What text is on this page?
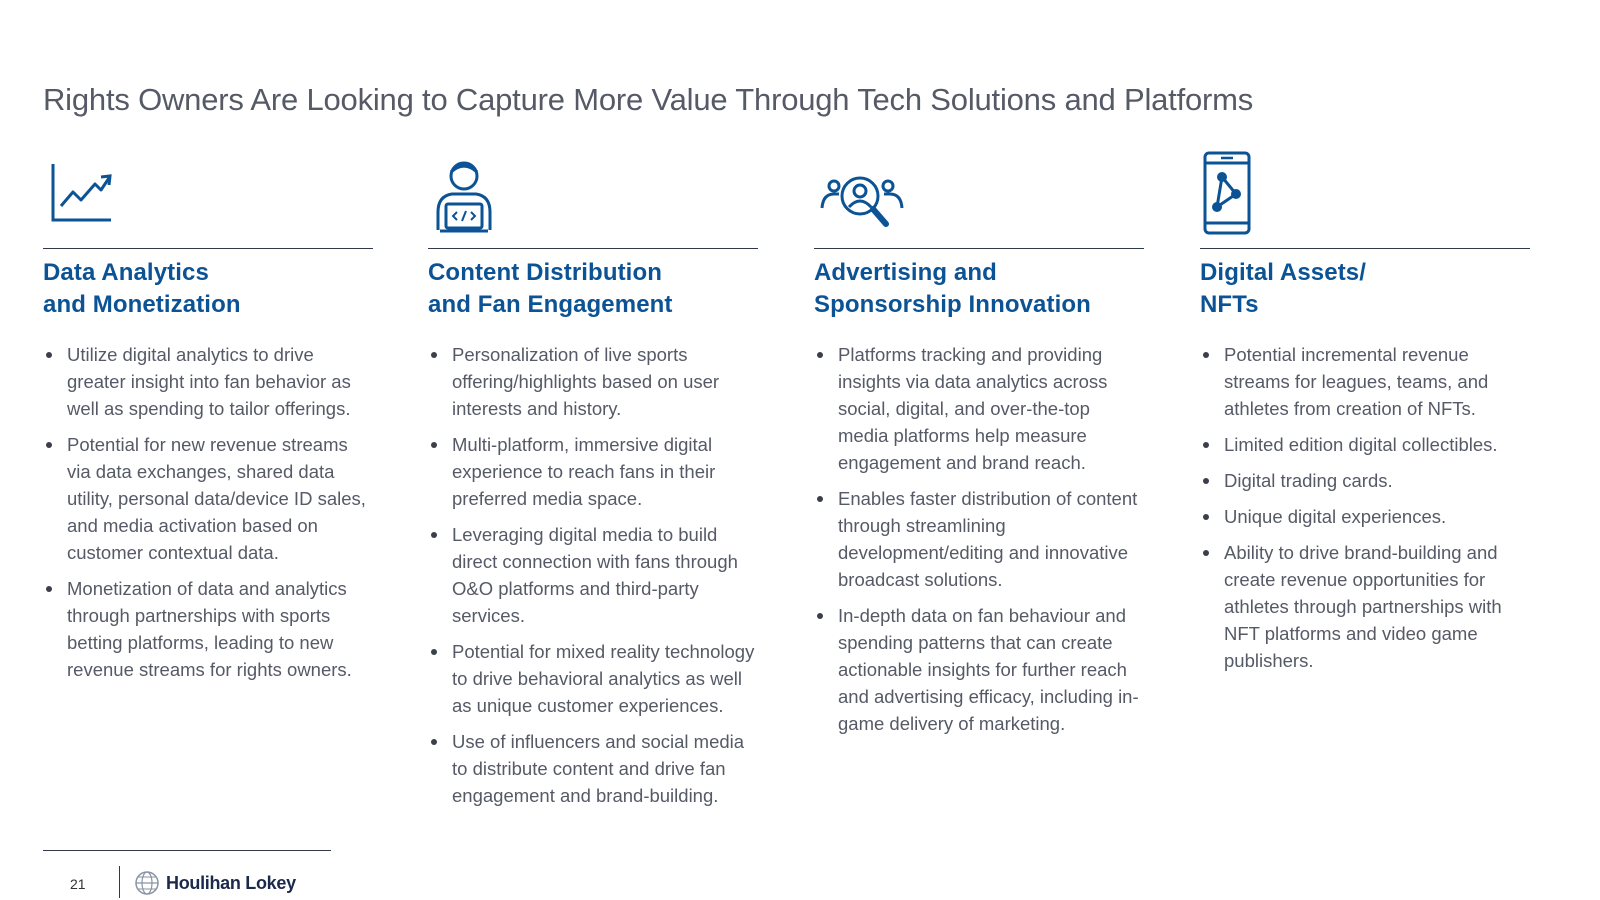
Rights Owners Are Looking to Capture More Value Through Tech Solutions and Platforms
Data Analytics
and Monetization
Utilize digital analytics to drive greater insight into fan behavior as well as spending to tailor offerings.
Potential for new revenue streams via data exchanges, shared data utility, personal data/device ID sales, and media activation based on customer contextual data.
Monetization of data and analytics through partnerships with sports betting platforms, leading to new revenue streams for rights owners.
Content Distribution
and Fan Engagement
Personalization of live sports offering/highlights based on user interests and history.
Multi-platform, immersive digital experience to reach fans in their preferred media space.
Leveraging digital media to build direct connection with fans through O&O platforms and third-party services.
Potential for mixed reality technology to drive behavioral analytics as well as unique customer experiences.
Use of influencers and social media to distribute content and drive fan engagement and brand-building.
Advertising and
Sponsorship Innovation
Platforms tracking and providing insights via data analytics across social, digital, and over-the-top media platforms help measure engagement and brand reach.
Enables faster distribution of content through streamlining development/editing and innovative broadcast solutions.
In-depth data on fan behaviour and spending patterns that can create actionable insights for further reach and advertising efficacy, including in-game delivery of marketing.
Digital Assets/
NFTs
Potential incremental revenue streams for leagues, teams, and athletes from creation of NFTs.
Limited edition digital collectibles.
Digital trading cards.
Unique digital experiences.
Ability to drive brand-building and create revenue opportunities for athletes through partnerships with NFT platforms and video game publishers.
21	Houlihan Lokey
